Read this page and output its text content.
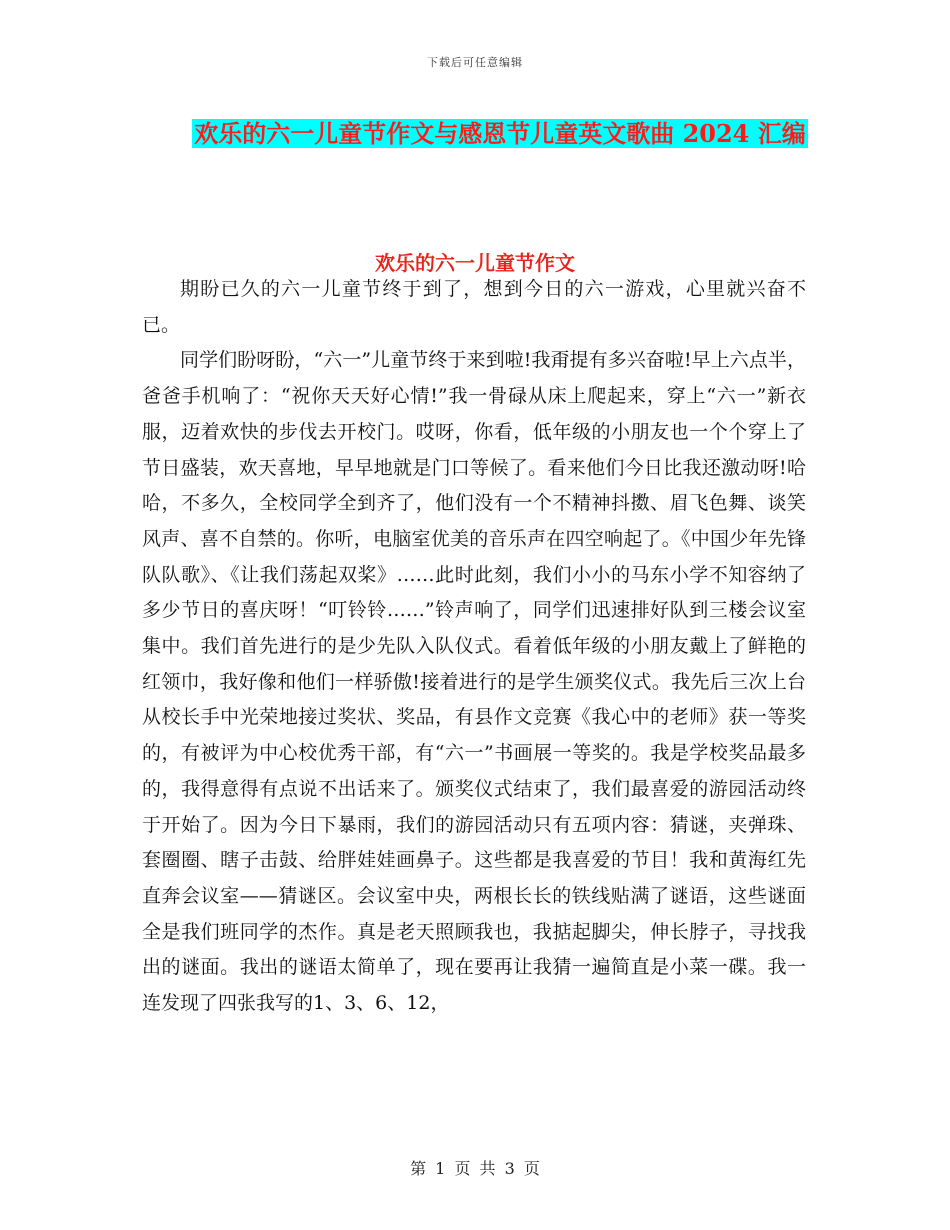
下载后可任意编辑
欢乐的六一儿童节作文与感恩节儿童英文歌曲 2024 汇编
欢乐的六一儿童节作文

期盼已久的六一儿童节终于到了，想到今日的六一游戏，心里就兴奋不已。

同学们盼呀盼，“六一”儿童节终于来到啦!我甭提有多兴奋啦!早上六点半，爸爸手机响了：“祝你天天好心情!”我一骨碌从床上爬起来，穿上“六一”新衣服，迈着欢快的步伐去开校门。哎呀，你看，低年级的小朋友也一个个穿上了节日盛装，欢天喜地，早早地就是门口等候了。看来他们今日比我还激动呀!哈哈，不多久，全校同学全到齐了，他们没有一个不精神抖擞、眉飞色舞、谈笑风声、喜不自禁的。你听，电脑室优美的音乐声在四空响起了。《中国少年先锋队队歌》、《让我们荡起双桨》……此时此刻，我们小小的马东小学不知容纳了多少节日的喜庆呀！“叮铃铃……”铃声响了，同学们迅速排好队到三楼会议室集中。我们首先进行的是少先队入队仪式。看着低年级的小朋友戴上了鲜艳的红领巾，我好像和他们一样骄傲!接着进行的是学生颁奖仪式。我先后三次上台从校长手中光荣地接过奖状、奖品，有县作文竞赛《我心中的老师》获一等奖的，有被评为中心校优秀干部，有“六一”书画展一等奖的。我是学校奖品最多的，我得意得有点说不出话来了。颁奖仪式结束了，我们最喜爱的游园活动终于开始了。因为今日下暴雨，我们的游园活动只有五项内容：猜谜，夹弹珠、套圈圈、瞎子击鼓、给胖娃娃画鼻子。这些都是我喜爱的节目！我和黄海红先直奔会议室——猜谜区。会议室中央，两根长长的铁线贴满了谜语，这些谜面全是我们班同学的杰作。真是老天照顾我也，我掂起脚尖，伸长脖子，寻找我出的谜面。我出的谜语太简单了，现在要再让我猜一遍简直是小菜一碟。我一连发现了四张我写的1、3、6、12，

第 1 页 共 3 页
